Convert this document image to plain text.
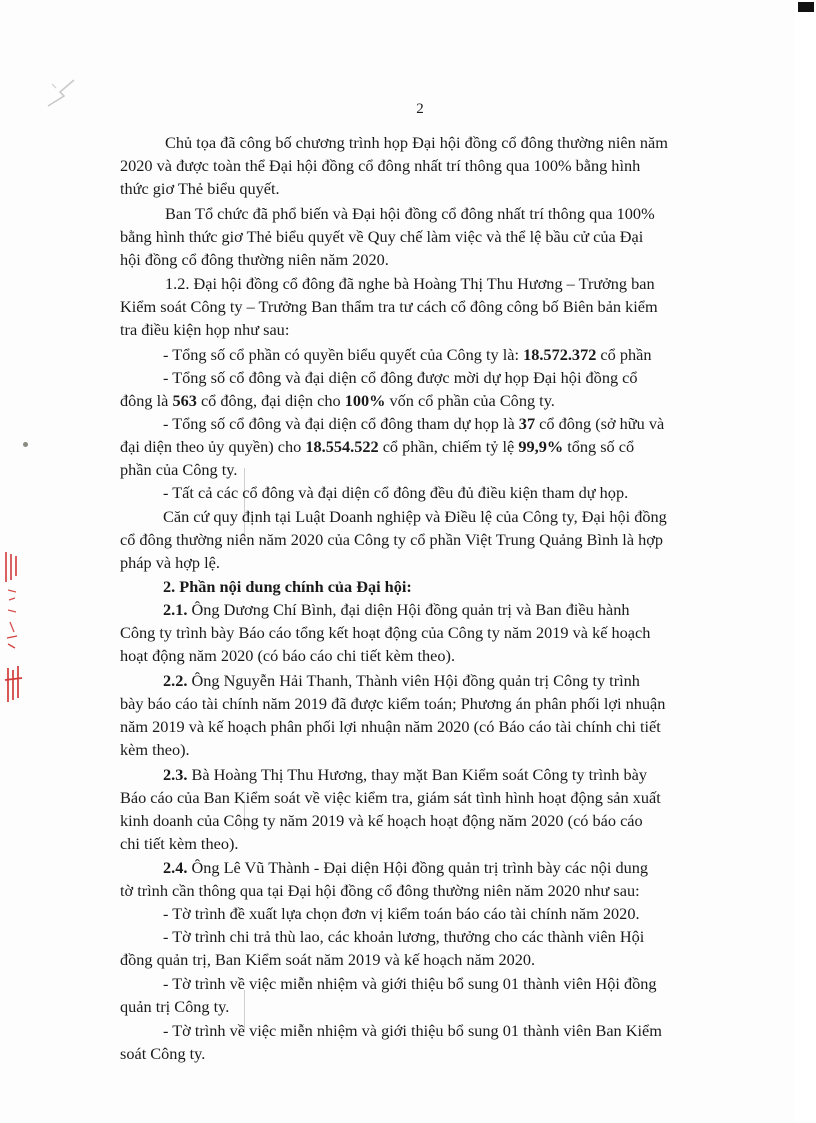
2
Chủ tọa đã công bố chương trình họp Đại hội đồng cổ đông thường niên năm
2020 và được toàn thể Đại hội đồng cổ đông nhất trí thông qua 100% bằng hình
thức giơ Thẻ biểu quyết.
Ban Tổ chức đã phổ biến và Đại hội đồng cổ đông nhất trí thông qua 100%
bằng hình thức giơ Thẻ biểu quyết về Quy chế làm việc và thể lệ bầu cử của Đại
hội đồng cổ đông thường niên năm 2020.
1.2. Đại hội đồng cổ đông đã nghe bà Hoàng Thị Thu Hương – Trưởng ban
Kiểm soát Công ty – Trưởng Ban thẩm tra tư cách cổ đông công bố Biên bản kiểm
tra điều kiện họp như sau:
- Tổng số cổ phần có quyền biểu quyết của Công ty là: 18.572.372 cổ phần
- Tổng số cổ đông và đại diện cổ đông được mời dự họp Đại hội đồng cổ
đông là 563 cổ đông, đại diện cho 100% vốn cổ phần của Công ty.
- Tổng số cổ đông và đại diện cổ đông tham dự họp là 37 cổ đông (sở hữu và
đại diện theo ủy quyền) cho 18.554.522 cổ phần, chiếm tỷ lệ 99,9% tổng số cổ
phần của Công ty.
- Tất cả các cổ đông và đại diện cổ đông đều đủ điều kiện tham dự họp.
Căn cứ quy định tại Luật Doanh nghiệp và Điều lệ của Công ty, Đại hội đồng
cổ đông thường niên năm 2020 của Công ty cổ phần Việt Trung Quảng Bình là hợp
pháp và hợp lệ.
2. Phần nội dung chính của Đại hội:
2.1. Ông Dương Chí Bình, đại diện Hội đồng quản trị và Ban điều hành
Công ty trình bày Báo cáo tổng kết hoạt động của Công ty năm 2019 và kế hoạch
hoạt động năm 2020 (có báo cáo chi tiết kèm theo).
2.2. Ông Nguyễn Hải Thanh, Thành viên Hội đồng quản trị Công ty trình
bày báo cáo tài chính năm 2019 đã được kiểm toán; Phương án phân phối lợi nhuận
năm 2019 và kế hoạch phân phối lợi nhuận năm 2020 (có Báo cáo tài chính chi tiết
kèm theo).
2.3. Bà Hoàng Thị Thu Hương, thay mặt Ban Kiểm soát Công ty trình bày
Báo cáo của Ban Kiểm soát về việc kiểm tra, giám sát tình hình hoạt động sản xuất
kinh doanh của Công ty năm 2019 và kế hoạch hoạt động năm 2020 (có báo cáo
chi tiết kèm theo).
2.4. Ông Lê Vũ Thành - Đại diện Hội đồng quản trị trình bày các nội dung
tờ trình cần thông qua tại Đại hội đồng cổ đông thường niên năm 2020 như sau:
- Tờ trình đề xuất lựa chọn đơn vị kiểm toán báo cáo tài chính năm 2020.
- Tờ trình chi trả thù lao, các khoản lương, thưởng cho các thành viên Hội
đồng quản trị, Ban Kiểm soát năm 2019 và kế hoạch năm 2020.
- Tờ trình về việc miễn nhiệm và giới thiệu bổ sung 01 thành viên Hội đồng
quản trị Công ty.
- Tờ trình về việc miễn nhiệm và giới thiệu bổ sung 01 thành viên Ban Kiểm
soát Công ty.
